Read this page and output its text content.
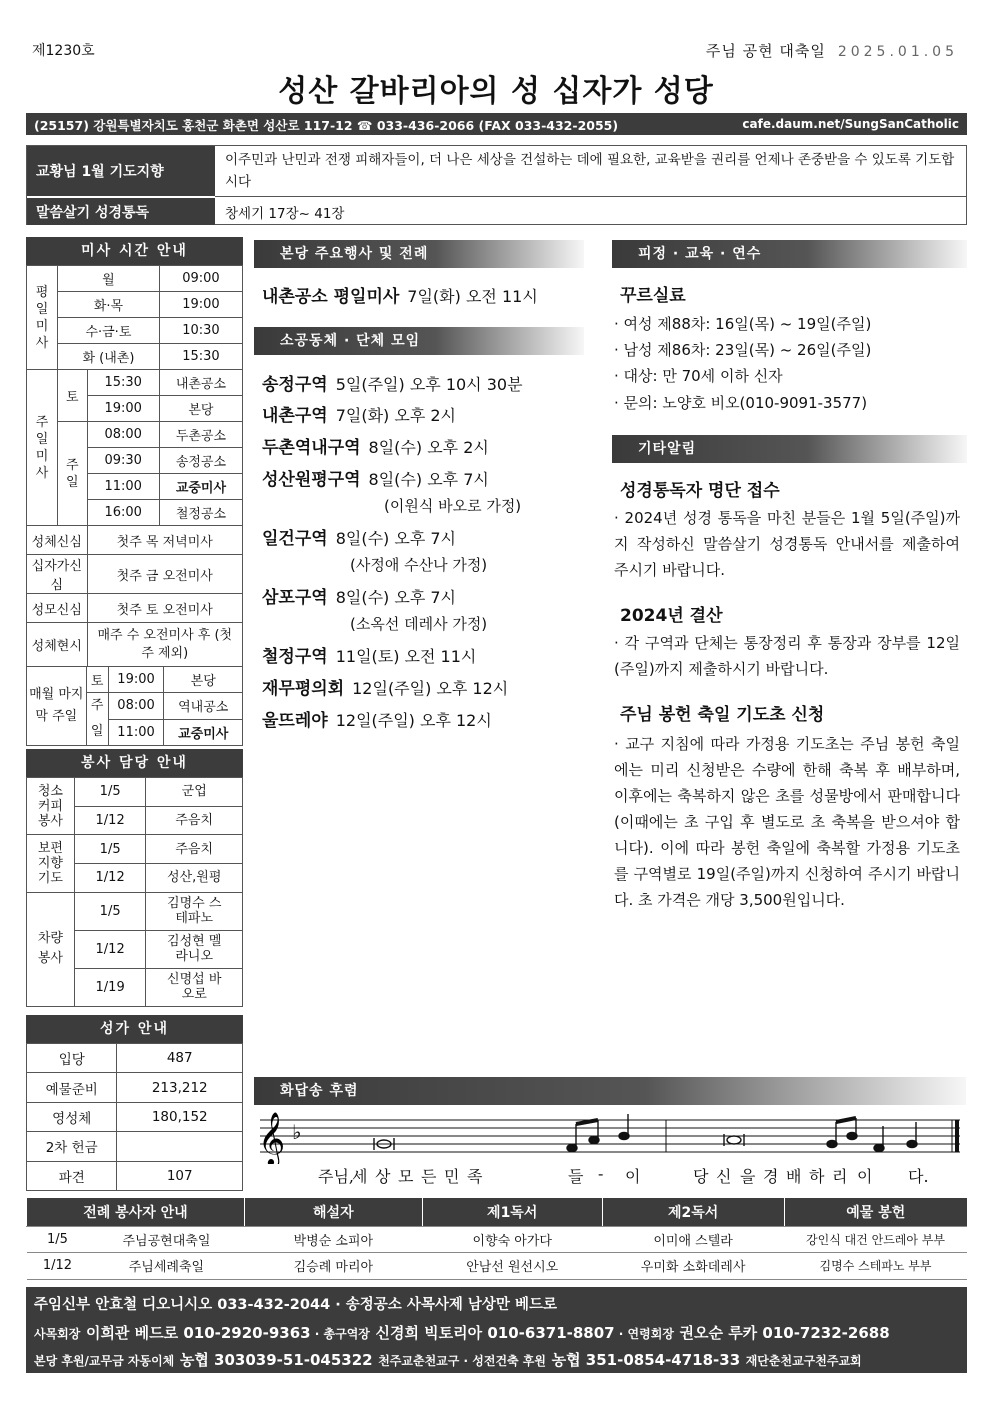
제1230호	주님 공현 대축일 2025.01.05
성산 갈바리아의 성 십자가 성당
(25157) 강원특별자치도 홍천군 화촌면 성산로 117-12 ☎ 033-436-2066 (FAX 033-432-2055)	cafe.daum.net/SungSanCatholic
교황님 1월 기도지향
이주민과 난민과 전쟁 피해자들이, 더 나은 세상을 건설하는 데에 필요한, 교육받을 권리를 언제나 존중받을 수 있도록 기도합시다
말씀살기 성경통독	창세기 17장~ 41장
미사 시간 안내
평일미사	월		09:00
	화·목		19:00
	수·금·토		10:30
	화 (내촌)		15:30
주일미사	토	15:30	내촌공소
		19:00	본당
	주일	08:00	두촌공소
		09:30	송정공소
		11:00	교중미사
		16:00	철정공소
성체신심		첫주 목 저녁미사	
십자가신심		첫주 금 오전미사	
성모신심		첫주 토 오전미사	
성체현시		매주 수 오전미사 후 (첫 주 제외)	
매월 마지막 주일	토	19:00	본당
	주일	08:00	역내공소
		11:00	교중미사
봉사 담당 안내
청소 커피 봉사	1/5	군업
	1/12	주음치
보편 지향 기도	1/5	주음치
	1/12	성산,원평
차량 봉사	1/5	김명수 스테파노
	1/12	김성현 멜라니오
	1/19	신명섭 바오로
성가 안내
입당	487
예물준비	213,212
영성체	180,152
2차 헌금	
파견	107
본당 주요행사 및 전례
내촌공소 평일미사 7일(화) 오전 11시
소공동체 · 단체 모임
송정구역 5일(주일) 오후 10시 30분
내촌구역 7일(화) 오후 2시
두촌역내구역 8일(수) 오후 2시
성산원평구역 8일(수) 오후 7시
(이원식 바오로 가정)
일건구역 8일(수) 오후 7시
(사정애 수산나 가정)
삼포구역 8일(수) 오후 7시
(소옥선 데레사 가정)
철정구역 11일(토) 오전 11시
재무평의회 12일(주일) 오후 12시
울뜨레야 12일(주일) 오후 12시
피정 · 교육 · 연수
꾸르실료
· 여성 제88차: 16일(목) ~ 19일(주일)
· 남성 제86차: 23일(목) ~ 26일(주일)
· 대상: 만 70세 이하 신자
· 문의: 노양호 비오(010-9091-3577)
기타알림
성경통독자 명단 접수
· 2024년 성경 통독을 마친 분들은 1월 5일(주일)까지 작성하신 말씀살기 성경통독 안내서를 제출하여 주시기 바랍니다.
2024년 결산
· 각 구역과 단체는 통장정리 후 통장과 장부를 12일(주일)까지 제출하시기 바랍니다.
주님 봉헌 축일 기도초 신청
· 교구 지침에 따라 가정용 기도초는 주님 봉헌 축일에는 미리 신청받은 수량에 한해 축복 후 배부하며, 이후에는 축복하지 않은 초를 성물방에서 판매합니다(이때에는 초 구입 후 별도로 초 축복을 받으셔야 합니다). 이에 따라 봉헌 축일에 축복할 가정용 기도초를 구역별로 19일(주일)까지 신청하여 주시기 바랍니다. 초 가격은 개당 3,500원입니다.
화답송 후렴
𝄞 ♭
주님,
세 상 모 든 민 족	들 - 이	당 신 을 경 배 하 리 이 다.
전례 봉사자 안내		해설자	제1독서	제2독서	예물 봉헌
1/5	주님공현대축일	박병순 소피아	이향숙 아가다	이미애 스텔라	강인식 대건 안드레아 부부
1/12	주님세례축일	김승례 마리아	안남선 원선시오	우미화 소화데레사	김명수 스테파노 부부
주임신부 안효철 디오니시오 033-432-2044 · 송정공소 사목사제 남상만 베드로
사목회장 이희관 베드로 010-2920-9363 · 총구역장 신경희 빅토리아 010-6371-8807 · 연령회장 권오순 루카 010-7232-2688
본당 후원/교무금 자동이체 농협 303039-51-045322 천주교춘천교구 · 성전건축 후원 농협 351-0854-4718-33 재단춘천교구천주교회
